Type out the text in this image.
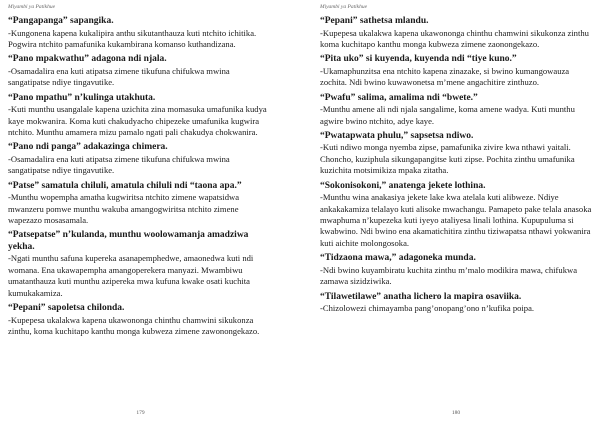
Miyambi ya Patikhue

“Pangapanga” sapangika.

-Kungonena kapena kukalipira anthu sikutanthauza kuti ntchito ichitika. Pogwira ntchito pamafunika kukambirana komanso kuthandizana.

“Pano mpakwathu” adagona ndi njala.

-Osamadalira ena kuti atipatsa zimene tikufuna chifukwa mwina sangatipatse ndiye tingavutike.

“Pano mpathu” n’kulinga utakhuta.

-Kuti munthu usangalale kapena uzichita zina momasuka umafunika kudya kaye mokwanira. Koma kuti chakudyacho chipezeke umafunika kugwira ntchito. Munthu amamera mizu pamalo ngati pali chakudya chokwanira.

“Pano ndi panga” adakazinga chimera.

-Osamadalira ena kuti atipatsa zimene tikufuna chifukwa mwina sangatipatse ndiye tingavutike.

“Patse” samatula chiluli, amatula chiluli ndi “taona apa.”

-Munthu wopempha amatha kugwiritsa ntchito zimene wapatsidwa mwanzeru pomwe munthu wakuba amangogwiritsa ntchito zimene wapezazo mosasamala.

“Patsepatse” n’kulanda, munthu woolowamanja amadziwa yekha.

-Ngati munthu safuna kupereka asanapemphedwe, amaonedwa kuti ndi womana. Ena ukawapempha amangoperekera manyazi. Mwambiwu umatanthauza kuti munthu azipereka mwa kufuna kwake osati kuchita kumukakamiza.

“Pepani” sapoletsa chilonda.

-Kupepesa ukalakwa kapena ukawononga chinthu chamwini sikukonza zinthu, koma kuchitapo kanthu monga kubweza zimene zawonongekazo.

179
Miyambi ya Patikhue

“Pepani” sathetsa mlandu.

-Kupepesa ukalakwa kapena ukawononga chinthu chamwini sikukonza zinthu koma kuchitapo kanthu monga kubweza zimene zaonongekazo.

“Pita uko” si kuyenda, kuyenda ndi “tiye kuno.”

-Ukamaphunzitsa ena ntchito kapena zinazake, si bwino kumangowauza zochita. Ndi bwino kuwawonetsa m’mene angachitire zinthuzo.

“Pwafu” salima, amalima ndi “bwete.”

-Munthu amene ali ndi njala sangalime, koma amene wadya. Kuti munthu agwire bwino ntchito, adye kaye.

“Pwatapwata phulu,” sapsetsa ndiwo.

-Kuti ndiwo monga nyemba zipse, pamafunika zivire kwa nthawi yaitali. Choncho, kuziphula sikungapangitse kuti zipse. Pochita zinthu umafunika kuzichita motsimikiza mpaka zitatha.

“Sokonisokoni,” anatenga jekete lothina.

-Munthu wina anakasiya jekete lake kwa atelala kuti alibweze. Ndiye ankakakamiza telalayo kuti alisoke mwachangu. Pamapeto pake telala anasoka mwaphuma n’kupezeka kuti iyeyo ataliyesa linali lothina. Kupupuluma si kwabwino. Ndi bwino ena akamatichitira zinthu tiziwapatsa nthawi yokwanira kuti aichite molongosoka.

“Tidzaona mawa,” adagoneka munda.

-Ndi bwino kuyambiratu kuchita zinthu m’malo modikira mawa, chifukwa zamawa sizidziwika.

“Tilawetilawe” anatha lichero la mapira osaviika.

-Chizolowezi chimayamba pang’onopang’ono n’kufika poipa.

180
